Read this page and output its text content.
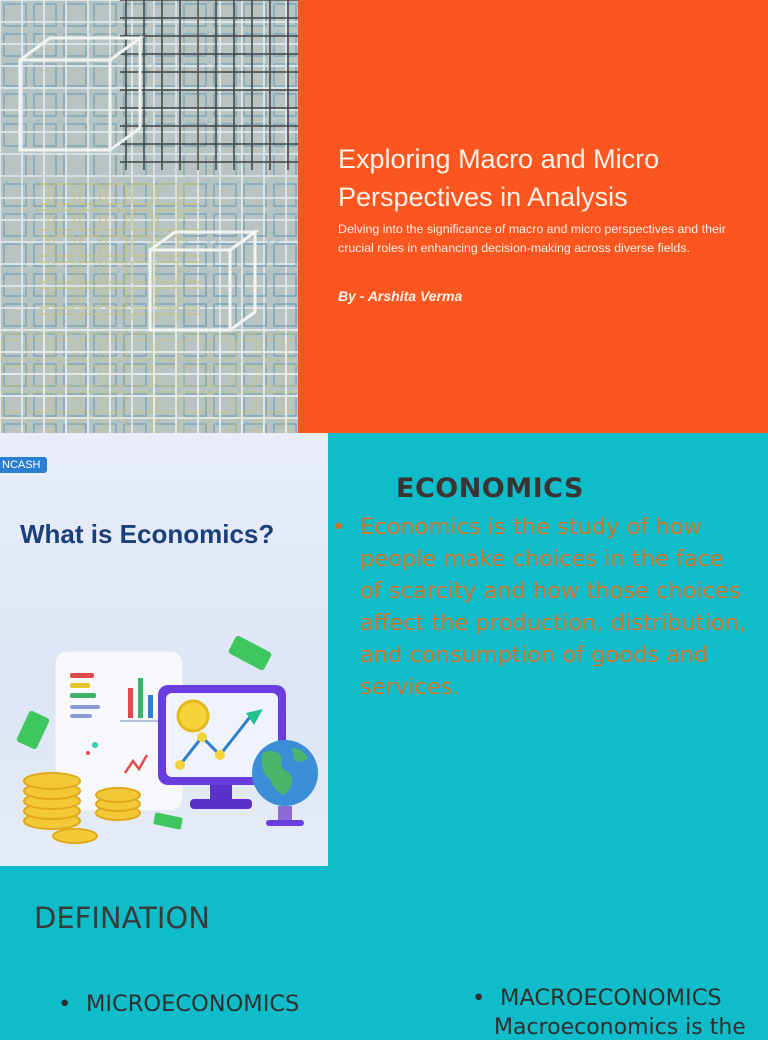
Exploring Macro and Micro Perspectives in Analysis

Delving into the significance of macro and micro perspectives and their crucial roles in enhancing decision-making across diverse fields.

By - Arshita Verma

NCASH
What is Economics?
ECONOMICS
• Economics is the study of how people make choices in the face of scarcity and how those choices affect the production, distribution, and consumption of goods and services.
DEFINATION

• MICROECONOMICS

•	MACROECONOMICS

Macroeconomics is the
